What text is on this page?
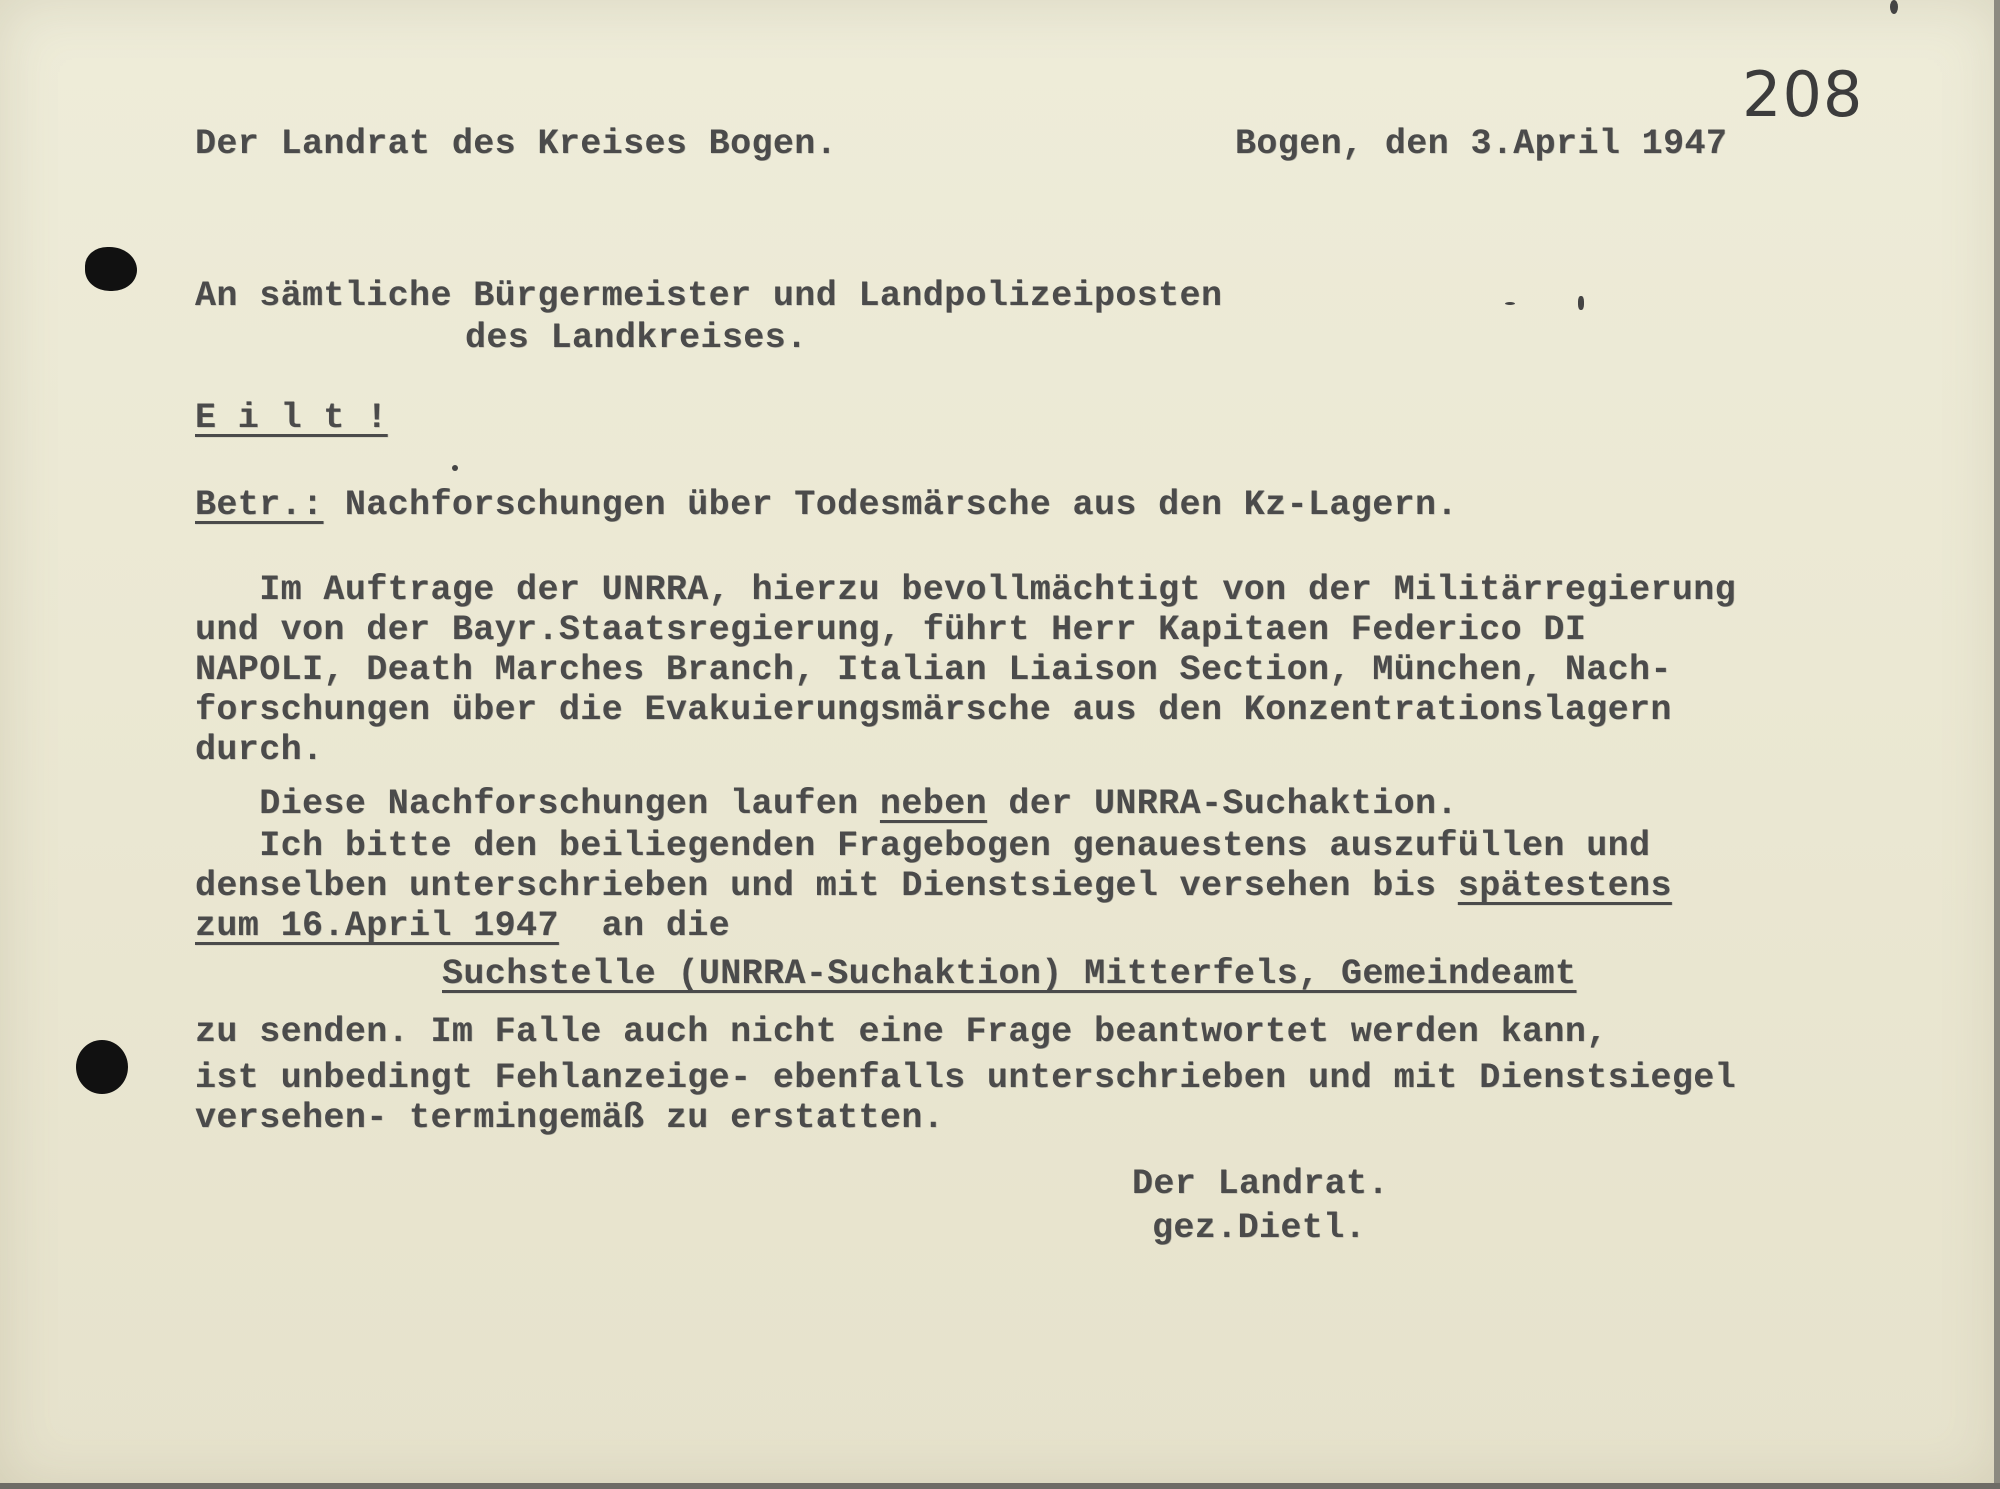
208
Der Landrat des Kreises Bogen.	Bogen, den 3.April 1947
An sämtliche Bürgermeister und Landpolizeiposten
des Landkreises.
E i l t !
Betr.: Nachforschungen über Todesmärsche aus den Kz-Lagern.
Im Auftrage der UNRRA, hierzu bevollmächtigt von der Militärregierung
und von der Bayr.Staatsregierung, führt Herr Kapitaen Federico DI
NAPOLI, Death Marches Branch, Italian Liaison Section, München, Nach-
forschungen über die Evakuierungsmärsche aus den Konzentrationslagern
durch.
Diese Nachforschungen laufen neben der UNRRA-Suchaktion.
Ich bitte den beiliegenden Fragebogen genauestens auszufüllen und
denselben unterschrieben und mit Dienstsiegel versehen bis spätestens
zum 16.April 1947  an die
Suchstelle (UNRRA-Suchaktion) Mitterfels, Gemeindeamt
zu senden. Im Falle auch nicht eine Frage beantwortet werden kann,
ist unbedingt Fehlanzeige- ebenfalls unterschrieben und mit Dienstsiegel
versehen- termingemäß zu erstatten.
Der Landrat.
gez.Dietl.
